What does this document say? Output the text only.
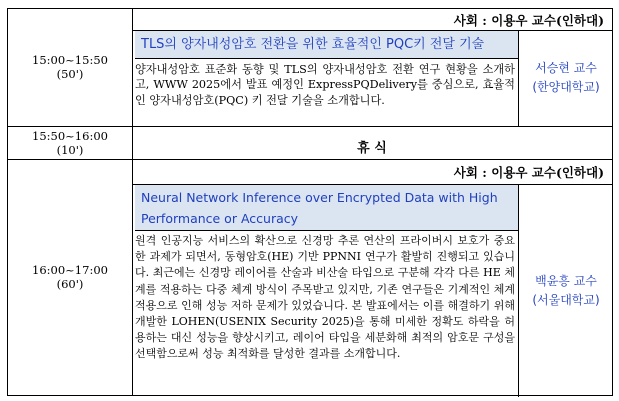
사회 : 이용우 교수(인하대)
15:00~15:50
(50')
TLS의 양자내성암호 전환을 위한 효율적인 PQC키 전달 기술
양자내성암호 표준화 동향 및 TLS의 양자내성암호 전환 연구 현황을 소개하고, WWW 2025에서 발표 예정인 ExpressPQDelivery를 중심으로, 효율적인 양자내성암호(PQC) 키 전달 기술을 소개합니다.
서승현 교수
(한양대학교)
15:50~16:00
(10')	휴 식
사회 : 이용우 교수(인하대)
16:00~17:00
(60')
Neural Network Inference over Encrypted Data with High Performance or Accuracy
원격 인공지능 서비스의 확산으로 신경망 추론 연산의 프라이버시 보호가 중요한 과제가 되면서, 동형암호(HE) 기반 PPNNI 연구가 활발히 진행되고 있습니다. 최근에는 신경망 레이어를 산술과 비산술 타입으로 구분해 각각 다른 HE 체계를 적용하는 다중 체계 방식이 주목받고 있지만, 기존 연구들은 기계적인 체계 적용으로 인해 성능 저하 문제가 있었습니다. 본 발표에서는 이를 해결하기 위해 개발한 LOHEN(USENIX Security 2025)을 통해 미세한 정확도 하락을 허용하는 대신 성능을 향상시키고, 레이어 타입을 세분화해 최적의 암호문 구성을 선택함으로써 성능 최적화를 달성한 결과를 소개합니다.
백윤흥 교수
(서울대학교)
